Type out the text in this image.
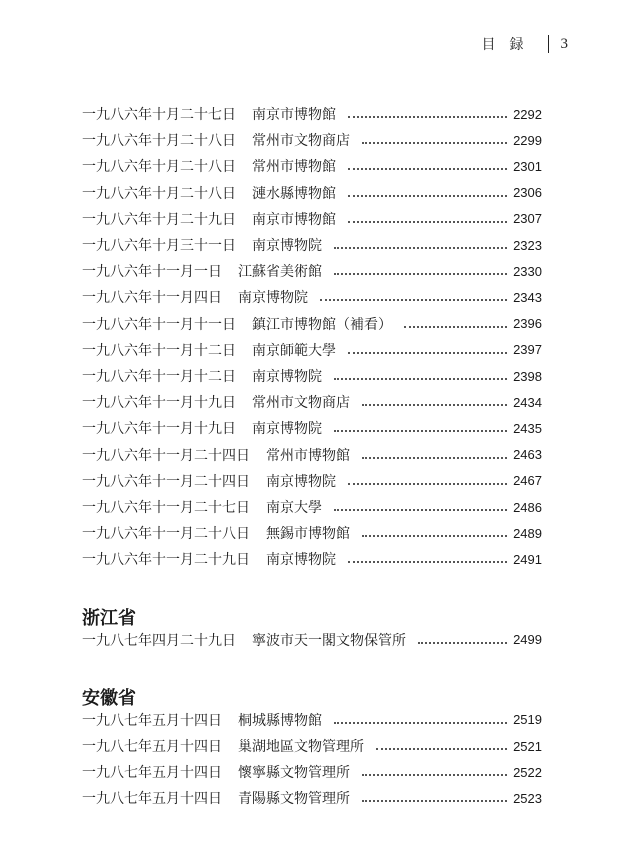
目録 3
一九八六年十月二十七日 南京市博物館	2292
一九八六年十月二十八日 常州市文物商店	2299
一九八六年十月二十八日 常州市博物館	2301
一九八六年十月二十八日 漣水縣博物館	2306
一九八六年十月二十九日 南京市博物館	2307
一九八六年十月三十一日 南京博物院	2323
一九八六年十一月一日 江蘇省美術館	2330
一九八六年十一月四日 南京博物院	2343
一九八六年十一月十一日 鎮江市博物館（補看）	2396
一九八六年十一月十二日 南京師範大學	2397
一九八六年十一月十二日 南京博物院	2398
一九八六年十一月十九日 常州市文物商店	2434
一九八六年十一月十九日 南京博物院	2435
一九八六年十一月二十四日 常州市博物館	2463
一九八六年十一月二十四日 南京博物院	2467
一九八六年十一月二十七日 南京大學	2486
一九八六年十一月二十八日 無錫市博物館	2489
一九八六年十一月二十九日 南京博物院	2491
浙江省
一九八七年四月二十九日 寧波市天一閣文物保管所	2499
安徽省
一九八七年五月十四日 桐城縣博物館	2519
一九八七年五月十四日 巢湖地區文物管理所	2521
一九八七年五月十四日 懷寧縣文物管理所	2522
一九八七年五月十四日 青陽縣文物管理所	2523
